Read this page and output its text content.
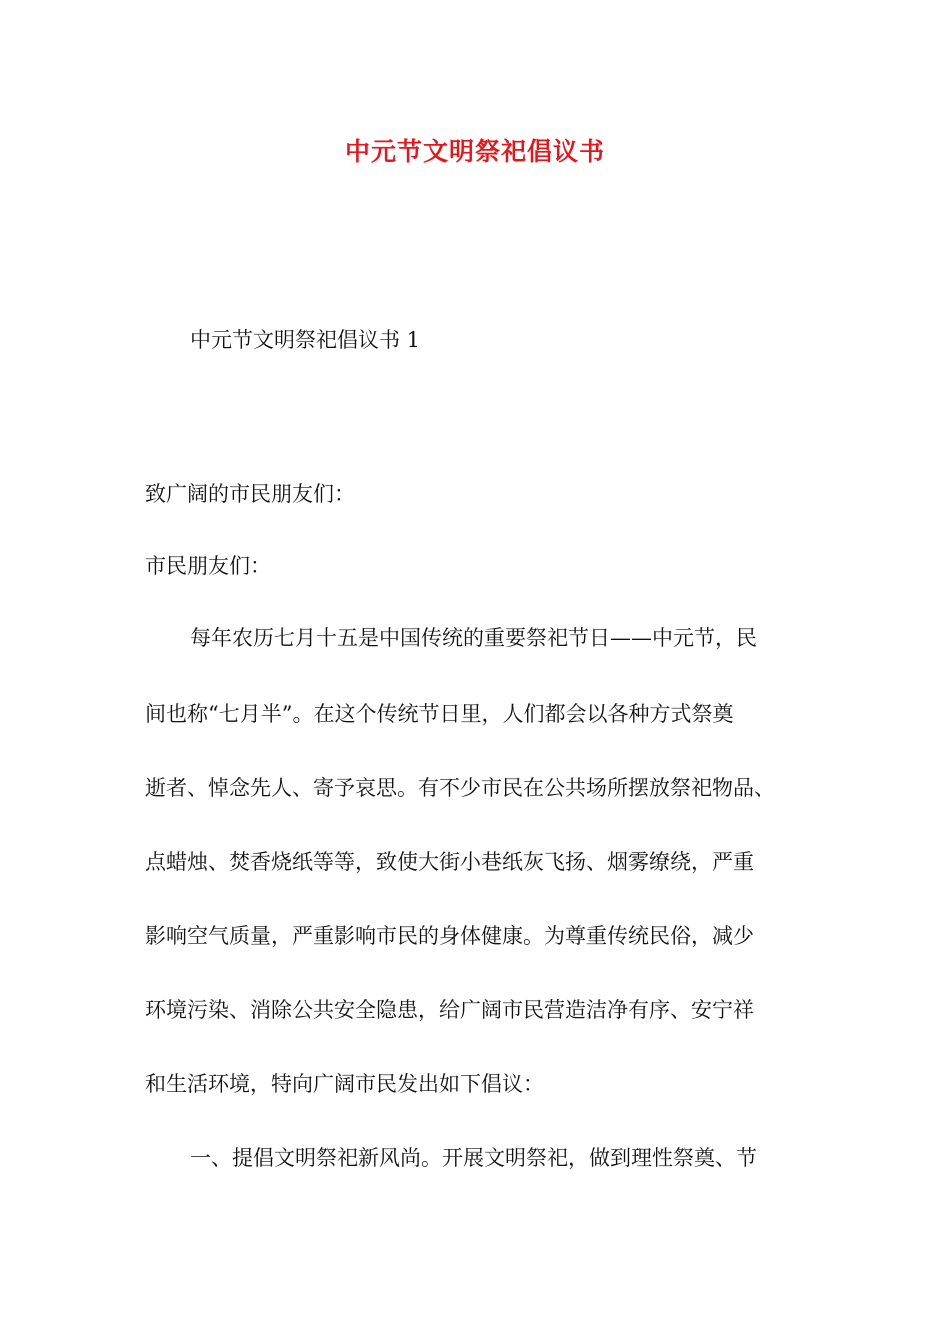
中元节文明祭祀倡议书
中元节文明祭祀倡议书 1
致广阔的市民朋友们：
市民朋友们：
每年农历七月十五是中国传统的重要祭祀节日——中元节，民
间也称“七月半”。在这个传统节日里，人们都会以各种方式祭奠
逝者、悼念先人、寄予哀思。有不少市民在公共场所摆放祭祀物品、
点蜡烛、焚香烧纸等等，致使大街小巷纸灰飞扬、烟雾缭绕，严重
影响空气质量，严重影响市民的身体健康。为尊重传统民俗，减少
环境污染、消除公共安全隐患，给广阔市民营造洁净有序、安宁祥
和生活环境，特向广阔市民发出如下倡议：
一、提倡文明祭祀新风尚。开展文明祭祀，做到理性祭奠、节
